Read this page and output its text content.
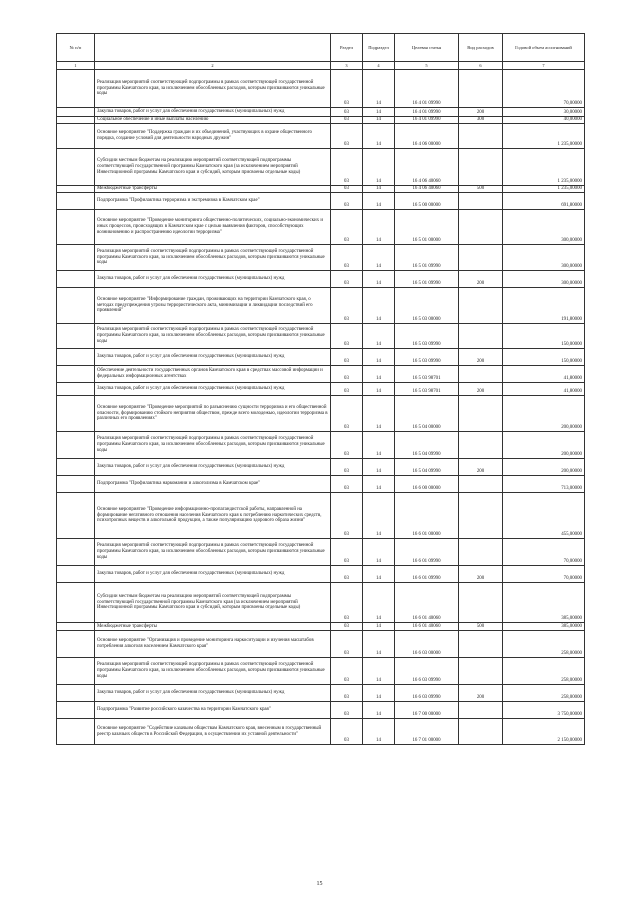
№ п/п		Раздел	Подраздел	Целевая статья	Вид расходов	Годовой объем ассигнований
1	2	3	4	5	6	7
	Реализация мероприятий соответствующей подпрограммы в рамках соответствующей государственной программы Камчатского края, за исключением обособленных расходов, которым присваиваются уникальные коды	03	14	16 4 01 09990		70,00000
	Закупка товаров, работ и услуг для обеспечения государственных (муниципальных) нужд	03	14	16 4 01 09990	200	30,00000
	Социальное обеспечение и иные выплаты населению	03	14	16 4 01 09990	300	40,00000
	Основное мероприятие "Поддержка граждан и их объединений, участвующих в охране общественного порядка, создание условий для деятельности народных дружин"	03	14	16 4 06 00000		1 235,00000
	Субсидии местным бюджетам на реализацию мероприятий соответствующей подпрограммы соответствующей государственной программы Камчатского края (за исключением мероприятий Инвестиционной программы Камчатского края и субсидий, которым присвоены отдельные коды)	03	14	16 4 06 40060		1 235,00000
	Межбюджетные трансферты	03	14	16 4 06 40060	500	1 235,00000
	Подпрограмма "Профилактика терроризма и экстремизма в Камчатском крае"	03	14	16 5 00 00000		691,80000
	Основное мероприятие "Проведение мониторинга общественно-политических, социально-экономических и иных процессов, происходящих в Камчатском крае с целью выявления факторов, способствующих возникновению и распространению идеологии терроризма"	03	14	16 5 01 00000		300,00000
	Реализация мероприятий соответствующей подпрограммы в рамках соответствующей государственной программы Камчатского края, за исключением обособленных расходов, которым присваиваются уникальные коды	03	14	16 5 01 09990		300,00000
	Закупка товаров, работ и услуг для обеспечения государственных (муниципальных) нужд	03	14	16 5 01 09990	200	300,00000
	Основное мероприятие "Информирование граждан, проживающих на территории Камчатского края, о методах предупреждения угрозы террористического акта, минимизации и ликвидации последствий его проявлений"	03	14	16 5 03 00000		191,80000
	Реализация мероприятий соответствующей подпрограммы в рамках соответствующей государственной программы Камчатского края, за исключением обособленных расходов, которым присваиваются уникальные коды	03	14	16 5 03 09990		150,00000
	Закупка товаров, работ и услуг для обеспечения государственных (муниципальных) нужд	03	14	16 5 03 09990	200	150,00000
	Обеспечение деятельности государственных органов Камчатского края в средствах массовой информации и федеральных информационных агентствах	03	14	16 5 03 98701		41,80000
	Закупка товаров, работ и услуг для обеспечения государственных (муниципальных) нужд	03	14	16 5 03 98701	200	41,80000
	Основное мероприятие "Проведение мероприятий по разъяснению сущности терроризма и его общественной опасности, формированию стойкого неприятия обществом, прежде всего молодежью, идеологии терроризма в различных его проявлениях"	03	14	16 5 04 00000		200,00000
	Реализация мероприятий соответствующей подпрограммы в рамках соответствующей государственной программы Камчатского края, за исключением обособленных расходов, которым присваиваются уникальные коды	03	14	16 5 04 09990		200,00000
	Закупка товаров, работ и услуг для обеспечения государственных (муниципальных) нужд	03	14	16 5 04 09990	200	200,00000
	Подпрограмма "Профилактика наркомании и алкоголизма в Камчатском крае"	03	14	16 6 00 00000		713,00000
	Основное мероприятие "Проведение информационно-пропагандистской работы, направленной на формирование негативного отношения населения Камчатского края к потреблению наркотических средств, психотропных веществ и алкогольной продукции, а также популяризацию здорового образа жизни"	03	14	16 6 01 00000		455,00000
	Реализация мероприятий соответствующей подпрограммы в рамках соответствующей государственной программы Камчатского края, за исключением обособленных расходов, которым присваиваются уникальные коды	03	14	16 6 01 09990		70,00000
	Закупка товаров, работ и услуг для обеспечения государственных (муниципальных) нужд	03	14	16 6 01 09990	200	70,00000
	Субсидии местным бюджетам на реализацию мероприятий соответствующей подпрограммы соответствующей государственной программы Камчатского края (за исключением мероприятий Инвестиционной программы Камчатского края и субсидий, которым присвоены отдельные коды)	03	14	16 6 01 40060		385,00000
	Межбюджетные трансферты	03	14	16 6 01 40060	500	385,00000
	Основное мероприятие "Организация и проведение мониторинга наркоситуации и изучения масштабов потребления алкоголя населением Камчатского края"	03	14	16 6 03 00000		258,00000
	Реализация мероприятий соответствующей подпрограммы в рамках соответствующей государственной программы Камчатского края, за исключением обособленных расходов, которым присваиваются уникальные коды	03	14	16 6 03 09990		258,00000
	Закупка товаров, работ и услуг для обеспечения государственных (муниципальных) нужд	03	14	16 6 03 09990	200	258,00000
	Подпрограмма "Развитие российского казачества на территории Камчатского края"	03	14	16 7 00 00000		3 750,00000
	Основное мероприятие "Содействие казачьим обществам Камчатского края, внесенным в государственный реестр казачьих обществ в Российской Федерации, в осуществлении их уставной деятельности"	03	14	16 7 01 00000		2 150,00000
15
